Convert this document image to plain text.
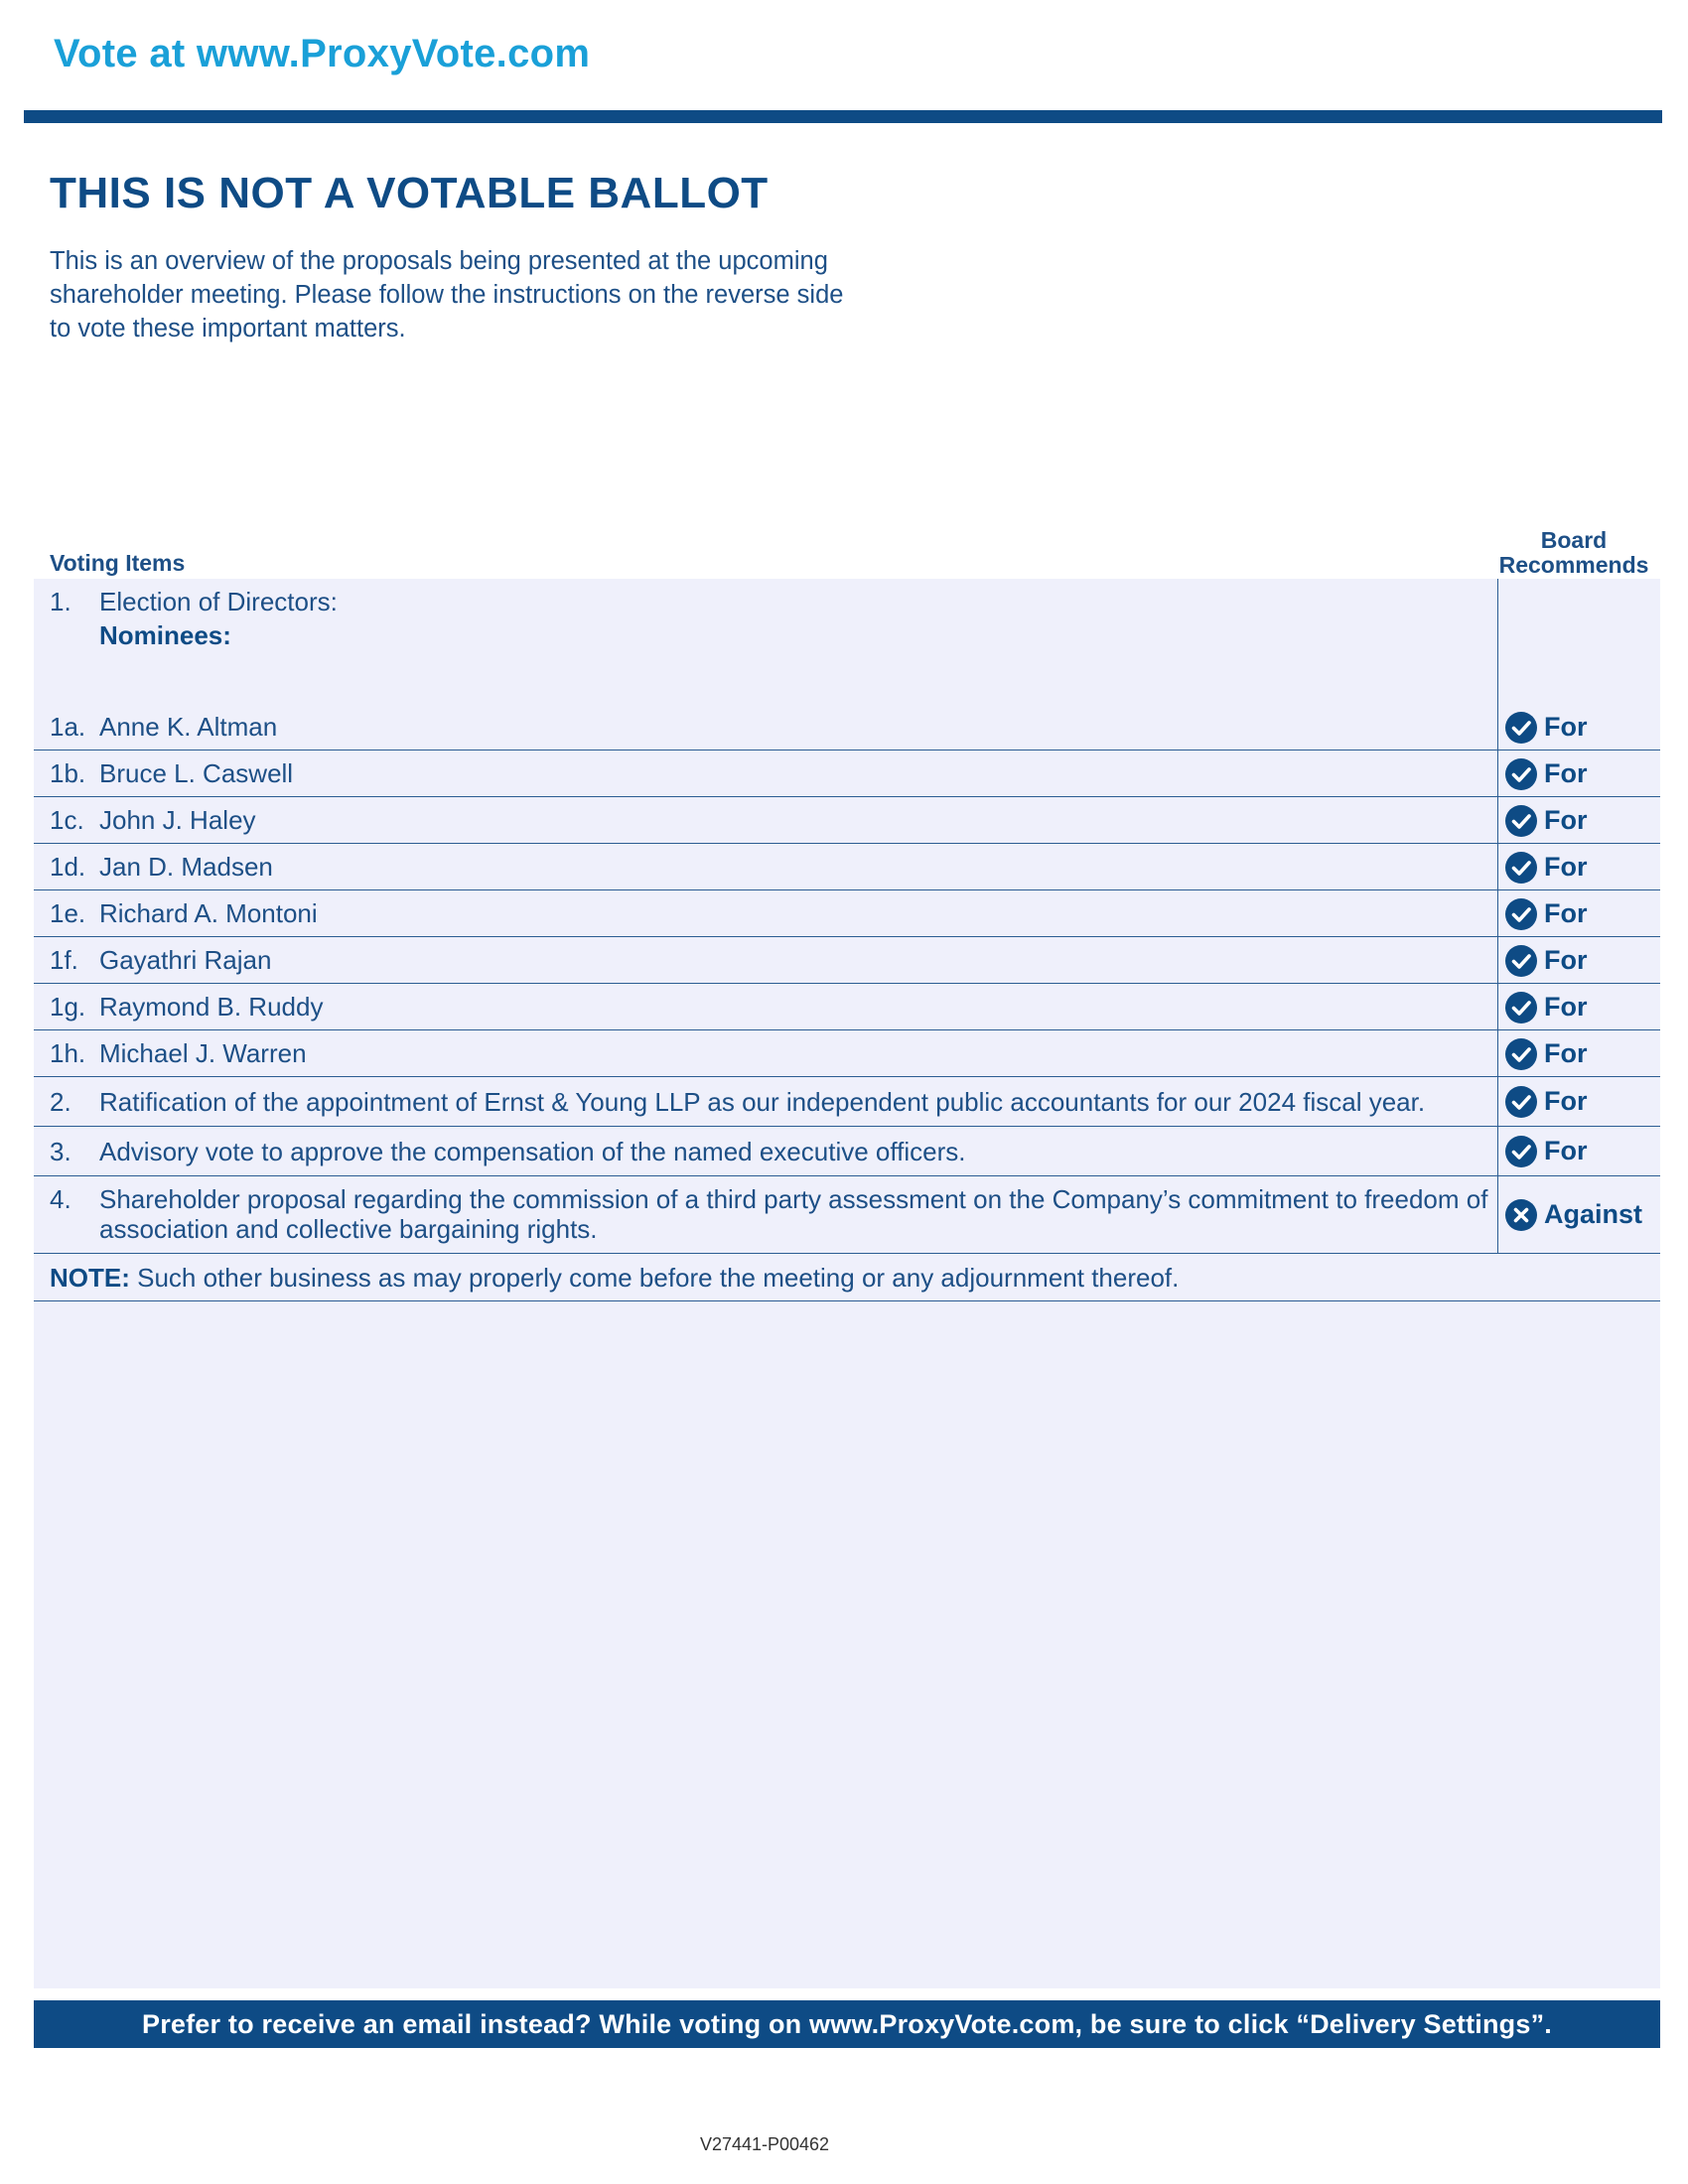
Vote at www.ProxyVote.com
THIS IS NOT A VOTABLE BALLOT

This is an overview of the proposals being presented at the upcoming shareholder meeting. Please follow the instructions on the reverse side to vote these important matters.

Voting Items
Board
Recommends
1. Election of Directors:
Nominees:
1a. Anne K. Altman	For
1b. Bruce L. Caswell	For
1c. John J. Haley	For
1d. Jan D. Madsen	For
1e. Richard A. Montoni	For
1f. Gayathri Rajan	For
1g. Raymond B. Ruddy	For
1h. Michael J. Warren	For
2. Ratification of the appointment of Ernst & Young LLP as our independent public accountants for our 2024 fiscal year.	For
3. Advisory vote to approve the compensation of the named executive officers.	For
4. Shareholder proposal regarding the commission of a third party assessment on the Company’s commitment to freedom of association and collective bargaining rights.	Against
NOTE: Such other business as may properly come before the meeting or any adjournment thereof.
Prefer to receive an email instead? While voting on www.ProxyVote.com, be sure to click “Delivery Settings”.
V27441-P00462
